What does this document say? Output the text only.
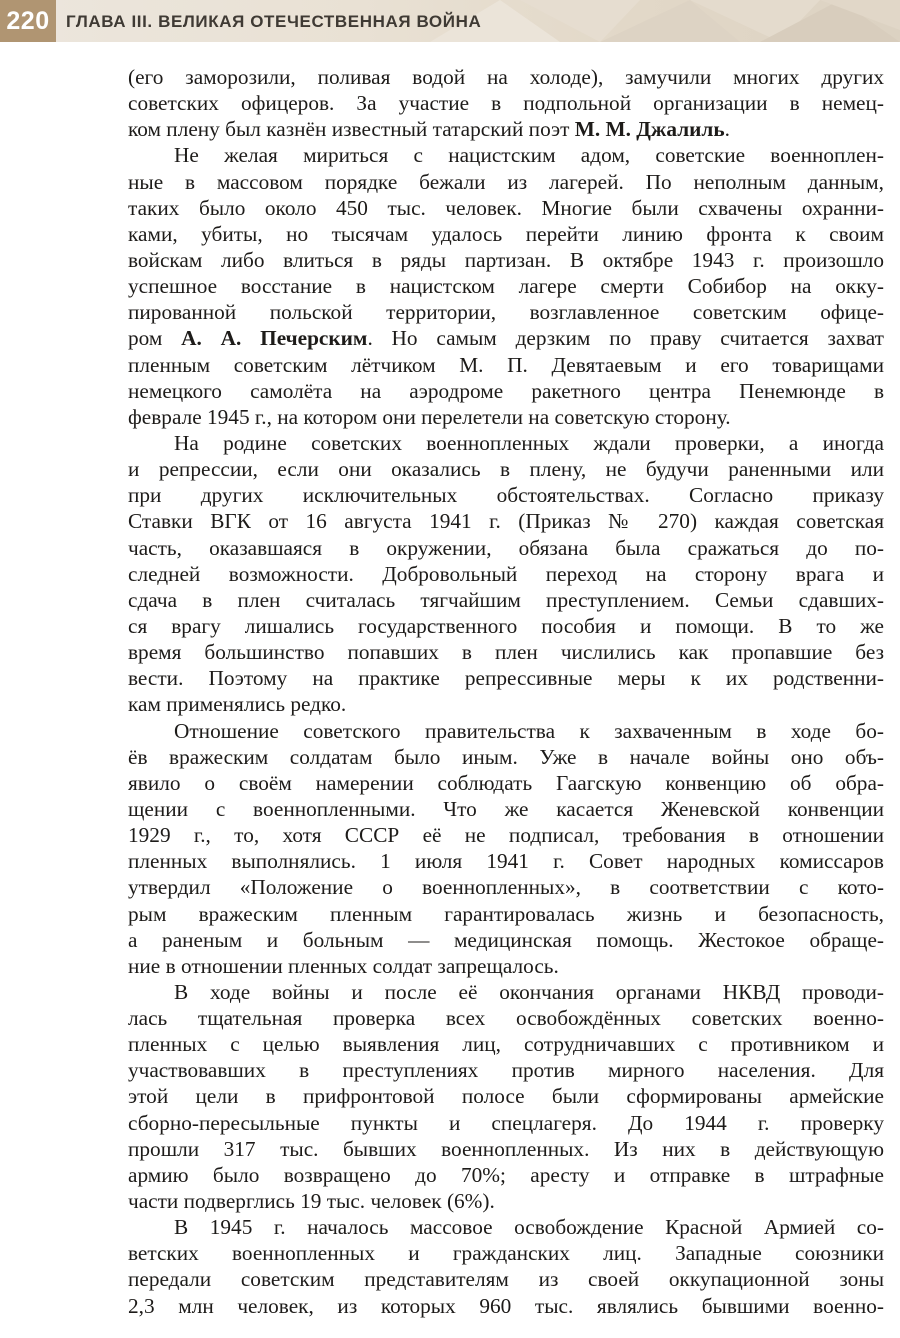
220 ГЛАВА III. ВЕЛИКАЯ ОТЕЧЕСТВЕННАЯ ВОЙНА
(его заморозили, поливая водой на холоде), замучили многих других
советских офицеров. За участие в подпольной организации в немец-
ком плену был казнён известный татарский поэт М. М. Джалиль.
Не желая мириться с нацистским адом, советские военноплен-
ные в массовом порядке бежали из лагерей. По неполным данным,
таких было около 450 тыс. человек. Многие были схвачены охранни-
ками, убиты, но тысячам удалось перейти линию фронта к своим
войскам либо влиться в ряды партизан. В октябре 1943 г. произошло
успешное восстание в нацистском лагере смерти Собибор на окку-
пированной польской территории, возглавленное советским офице-
ром А. А. Печерским. Но самым дерзким по праву считается захват
пленным советским лётчиком М. П. Девятаевым и его товарищами
немецкого самолёта на аэродроме ракетного центра Пенемюнде в
феврале 1945 г., на котором они перелетели на советскую сторону.
На родине советских военнопленных ждали проверки, а иногда
и репрессии, если они оказались в плену, не будучи раненными или
при других исключительных обстоятельствах. Согласно приказу
Ставки ВГК от 16 августа 1941 г. (Приказ № 270) каждая советская
часть, оказавшаяся в окружении, обязана была сражаться до по-
следней возможности. Добровольный переход на сторону врага и
сдача в плен считалась тягчайшим преступлением. Семьи сдавших-
ся врагу лишались государственного пособия и помощи. В то же
время большинство попавших в плен числились как пропавшие без
вести. Поэтому на практике репрессивные меры к их родственни-
кам применялись редко.
Отношение советского правительства к захваченным в ходе бо-
ёв вражеским солдатам было иным. Уже в начале войны оно объ-
явило о своём намерении соблюдать Гаагскую конвенцию об обра-
щении с военнопленными. Что же касается Женевской конвенции
1929 г., то, хотя СССР её не подписал, требования в отношении
пленных выполнялись. 1 июля 1941 г. Совет народных комиссаров
утвердил «Положение о военнопленных», в соответствии с кото-
рым вражеским пленным гарантировалась жизнь и безопасность,
а раненым и больным — медицинская помощь. Жестокое обраще-
ние в отношении пленных солдат запрещалось.
В ходе войны и после её окончания органами НКВД проводи-
лась тщательная проверка всех освобождённых советских военно-
пленных с целью выявления лиц, сотрудничавших с противником и
участвовавших в преступлениях против мирного населения. Для
этой цели в прифронтовой полосе были сформированы армейские
сборно-пересыльные пункты и спецлагеря. До 1944 г. проверку
прошли 317 тыс. бывших военнопленных. Из них в действующую
армию было возвращено до 70%; аресту и отправке в штрафные
части подверглись 19 тыс. человек (6%).
В 1945 г. началось массовое освобождение Красной Армией со-
ветских военнопленных и гражданских лиц. Западные союзники
передали советским представителям из своей оккупационной зоны
2,3 млн человек, из которых 960 тыс. являлись бывшими военно-
